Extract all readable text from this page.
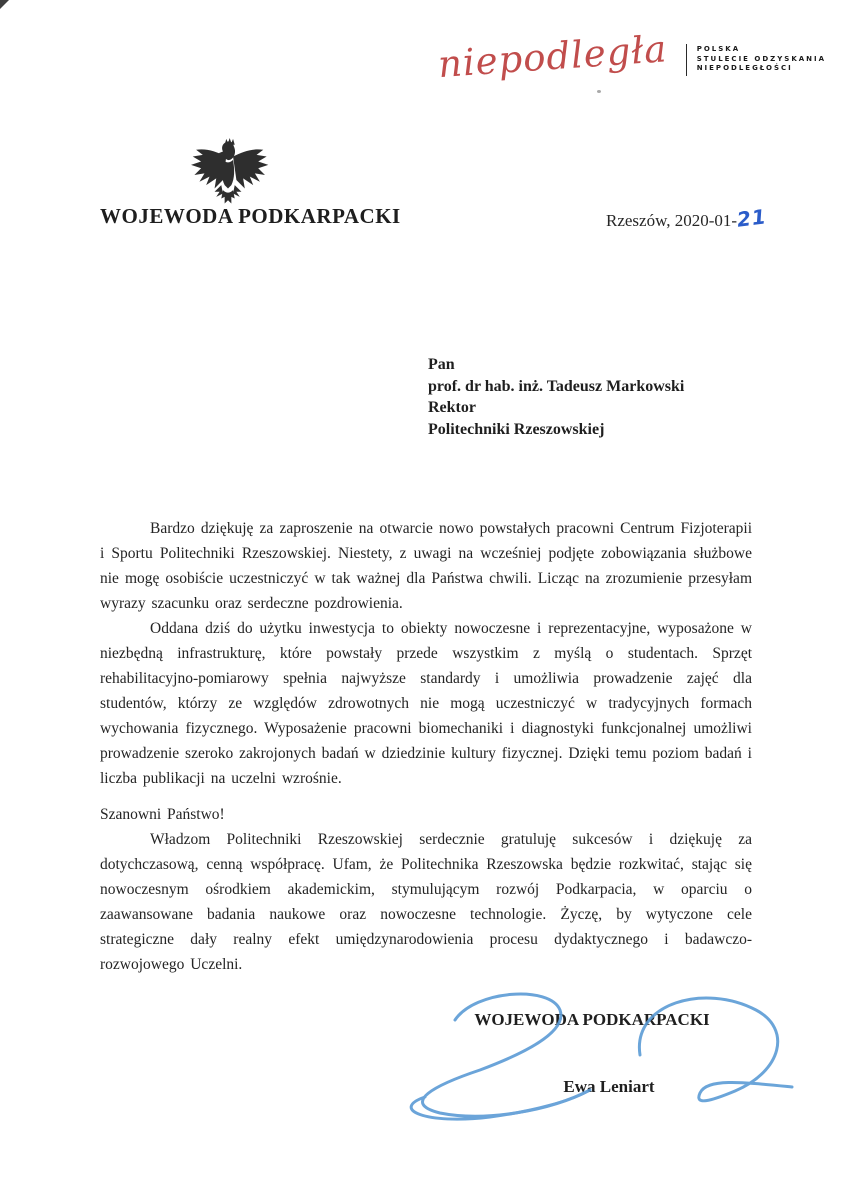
niepodległa	POLSKA
STULECIE ODZYSKANIA
NIEPODLEGŁOŚCI
WOJEWODA PODKARPACKI	Rzeszów, 2020-01-21
Pan
prof. dr hab. inż. Tadeusz Markowski
Rektor
Politechniki Rzeszowskiej

Bardzo dziękuję za zaproszenie na otwarcie nowo powstałych pracowni Centrum Fizjoterapii i Sportu Politechniki Rzeszowskiej. Niestety, z uwagi na wcześniej podjęte zobowiązania służbowe nie mogę osobiście uczestniczyć w tak ważnej dla Państwa chwili. Licząc na zrozumienie przesyłam wyrazy szacunku oraz serdeczne pozdrowienia.

Oddana dziś do użytku inwestycja to obiekty nowoczesne i reprezentacyjne, wyposażone w niezbędną infrastrukturę, które powstały przede wszystkim z myślą o studentach. Sprzęt rehabilitacyjno-pomiarowy spełnia najwyższe standardy i umożliwia prowadzenie zajęć dla studentów, którzy ze względów zdrowotnych nie mogą uczestniczyć w tradycyjnych formach wychowania fizycznego. Wyposażenie pracowni biomechaniki i diagnostyki funkcjonalnej umożliwi prowadzenie szeroko zakrojonych badań w dziedzinie kultury fizycznej. Dzięki temu poziom badań i liczba publikacji na uczelni wzrośnie.

Szanowni Państwo!

Władzom Politechniki Rzeszowskiej serdecznie gratuluję sukcesów i dziękuję za dotychczasową, cenną współpracę. Ufam, że Politechnika Rzeszowska będzie rozkwitać, stając się nowoczesnym ośrodkiem akademickim, stymulującym rozwój Podkarpacia, w oparciu o zaawansowane badania naukowe oraz nowoczesne technologie. Życzę, by wytyczone cele strategiczne dały realny efekt umiędzynarodowienia procesu dydaktycznego i badawczo-rozwojowego Uczelni.

WOJEWODA PODKARPACKI
Ewa Leniart
